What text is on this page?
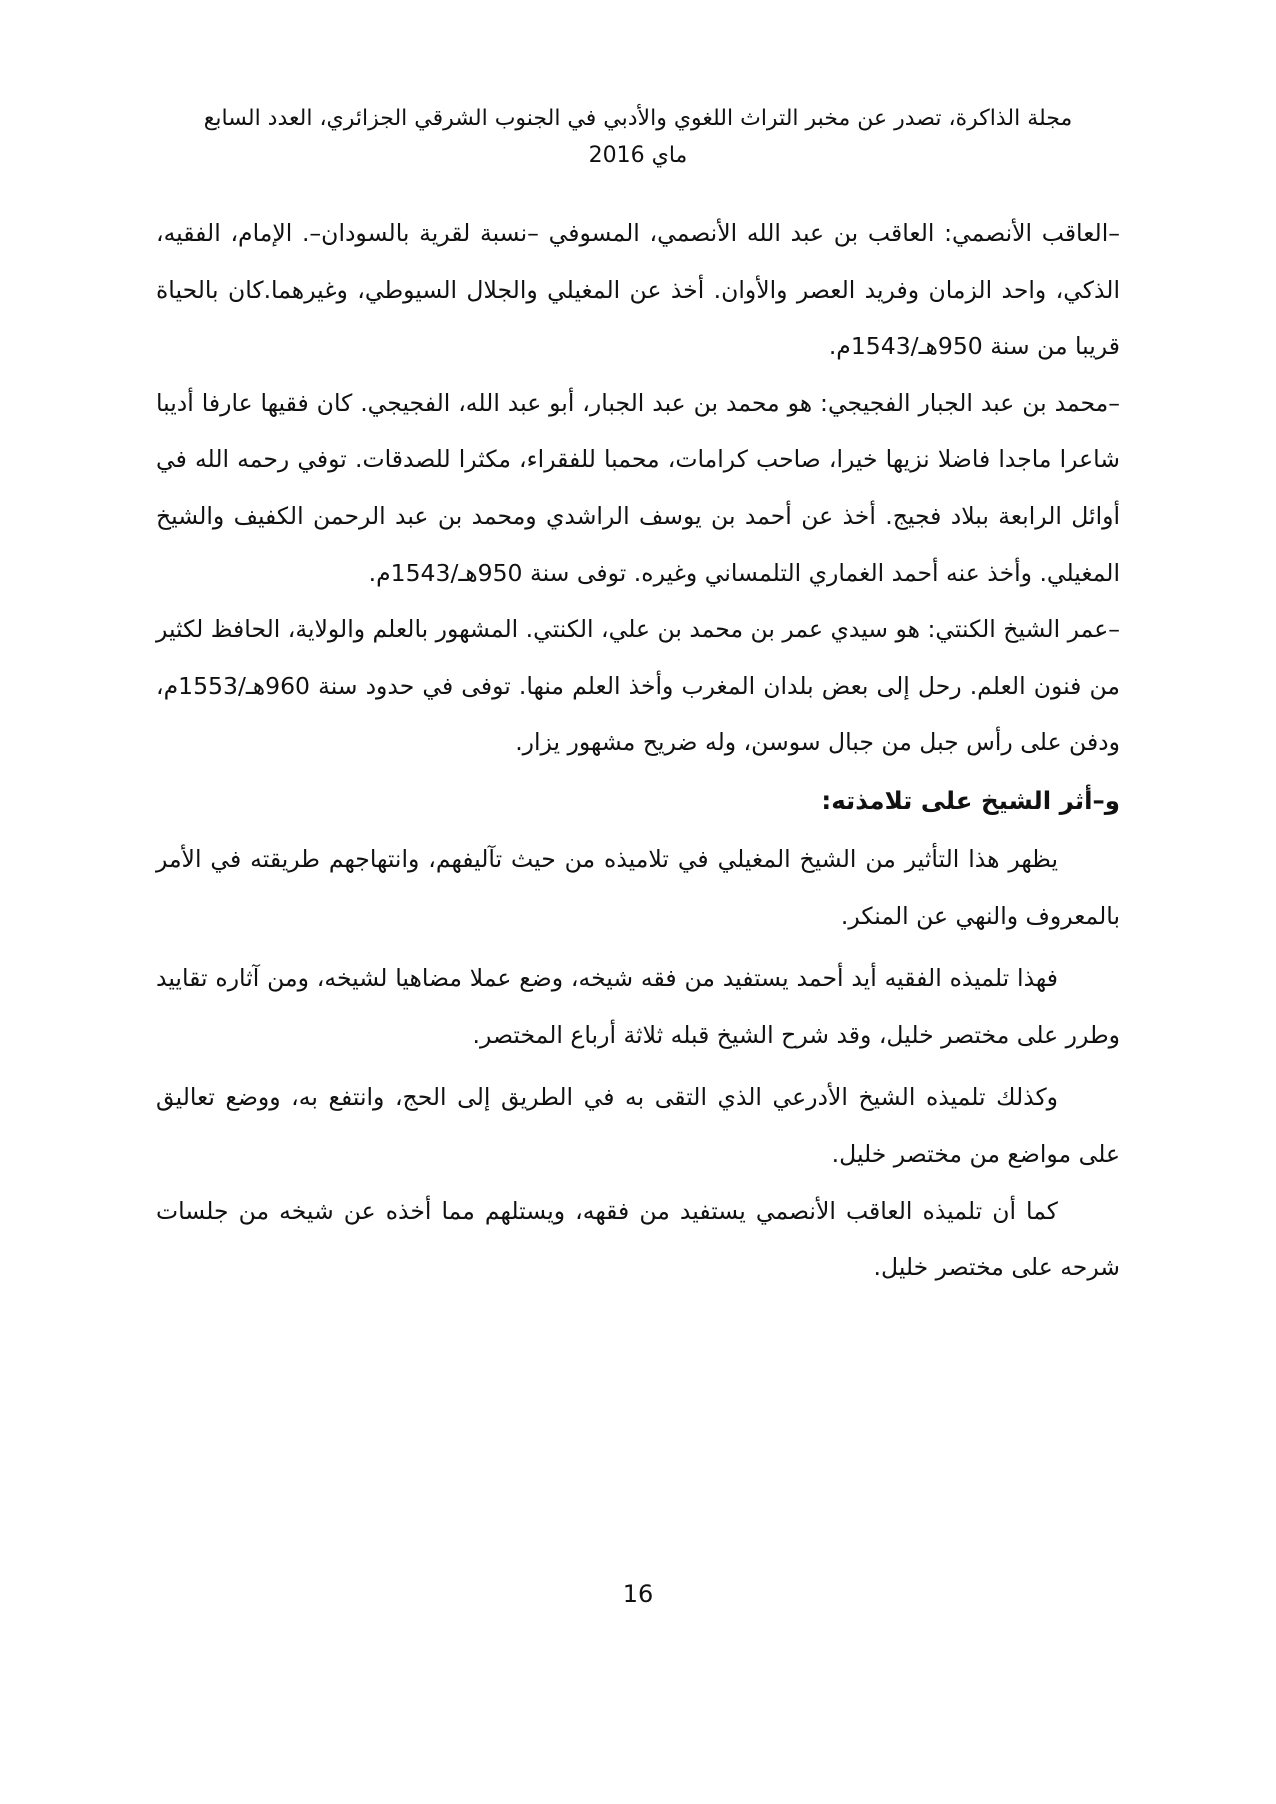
مجلة الذاكرة، تصدر عن مخبر التراث اللغوي والأدبي في الجنوب الشرقي الجزائري، العدد السابع
ماي 2016

–العاقب الأنصمي: العاقب بن عبد الله الأنصمي، المسوفي –نسبة لقرية بالسودان–. الإمام، الفقيه، الذكي، واحد الزمان وفريد العصر والأوان. أخذ عن المغيلي والجلال السيوطي، وغيرهما.كان بالحياة قريبا من سنة 950هـ/1543م.

–محمد بن عبد الجبار الفجيجي: هو محمد بن عبد الجبار، أبو عبد الله، الفجيجي. كان فقيها عارفا أديبا شاعرا ماجدا فاضلا نزيها خيرا، صاحب كرامات، محمبا للفقراء، مكثرا للصدقات. توفي رحمه الله في أوائل الرابعة ببلاد فجيج. أخذ عن أحمد بن يوسف الراشدي ومحمد بن عبد الرحمن الكفيف والشيخ المغيلي. وأخذ عنه أحمد الغماري التلمساني وغيره. توفى سنة 950هـ/1543م.

–عمر الشيخ الكنتي: هو سيدي عمر بن محمد بن علي، الكنتي. المشهور بالعلم والولاية، الحافظ لكثير من فنون العلم. رحل إلى بعض بلدان المغرب وأخذ العلم منها. توفى في حدود سنة 960هـ/1553م، ودفن على رأس جبل من جبال سوسن، وله ضريح مشهور يزار.

و–أثر الشيخ على تلامذته:

يظهر هذا التأثير من الشيخ المغيلي في تلاميذه من حيث تآليفهم، وانتهاجهم طريقته في الأمر بالمعروف والنهي عن المنكر.

فهذا تلميذه الفقيه أيد أحمد يستفيد من فقه شيخه، وضع عملا مضاهيا لشيخه، ومن آثاره تقاييد وطرر على مختصر خليل، وقد شرح الشيخ قبله ثلاثة أرباع المختصر.

وكذلك تلميذه الشيخ الأدرعي الذي التقى به في الطريق إلى الحج، وانتفع به، ووضع تعاليق على مواضع من مختصر خليل.

كما أن تلميذه العاقب الأنصمي يستفيد من فقهه، ويستلهم مما أخذه عن شيخه من جلسات شرحه على مختصر خليل.

16
